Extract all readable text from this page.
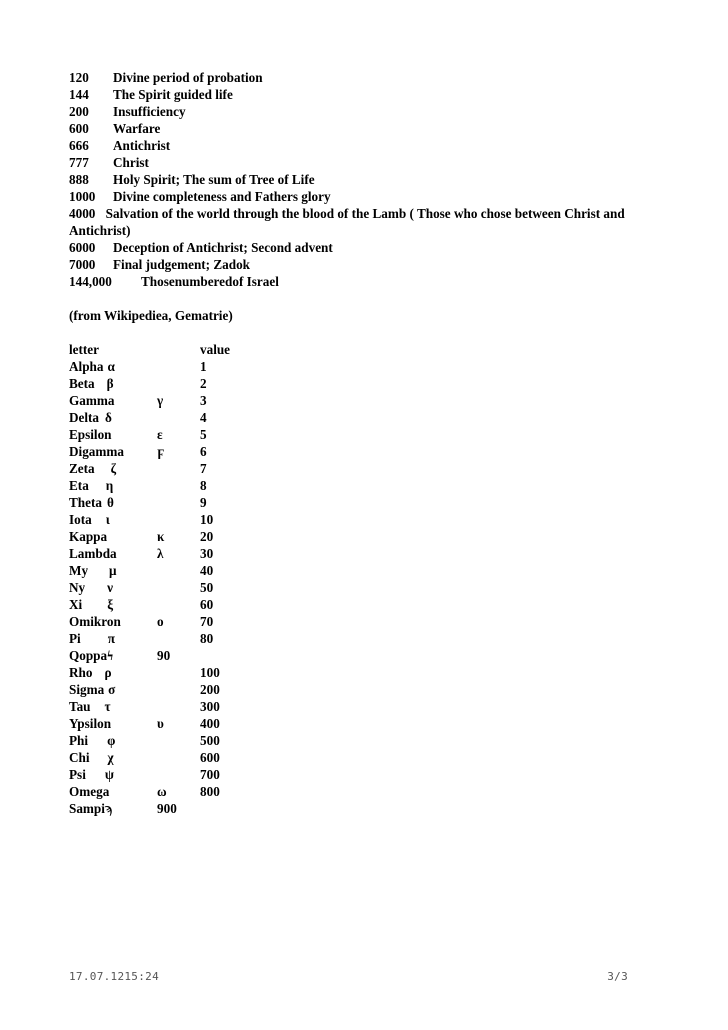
120	Divine period of probation
144	The Spirit guided life
200	Insufficiency
600	Warfare
666	Antichrist
777	Christ
888	Holy Spirit; The sum of Tree of Life
1000	Divine completeness and Fathers glory
4000 Salvation of the world through the blood of the Lamb ( Those who chose between Christ and Antichrist)
6000	Deception of Antichrist; Second advent
7000	Final judgement; Zadok
144,000	Thosenumberedof Israel
(from Wikipediea, Gematrie)
letter	value
Alpha α	1
Beta β	2
Gamma	γ	3
Delta δ	4
Epsilon	ε	5
Digamma	ϝ	6
Zeta ζ	7
Eta η	8
Theta θ	9
Iota ι	10
Kappa	κ	20
Lambda	λ	30
My μ	40
Ny ν	50
Xi ξ	60
Omikron	ο	70
Pi π	80
Qoppaϟ	90
Rho ρ	100
Sigma σ	200
Tau τ	300
Ypsilon	υ	400
Phi φ	500
Chi χ	600
Psi ψ	700
Omega	ω	800
Sampiϡ	900
17.07.1215:24	3/3
